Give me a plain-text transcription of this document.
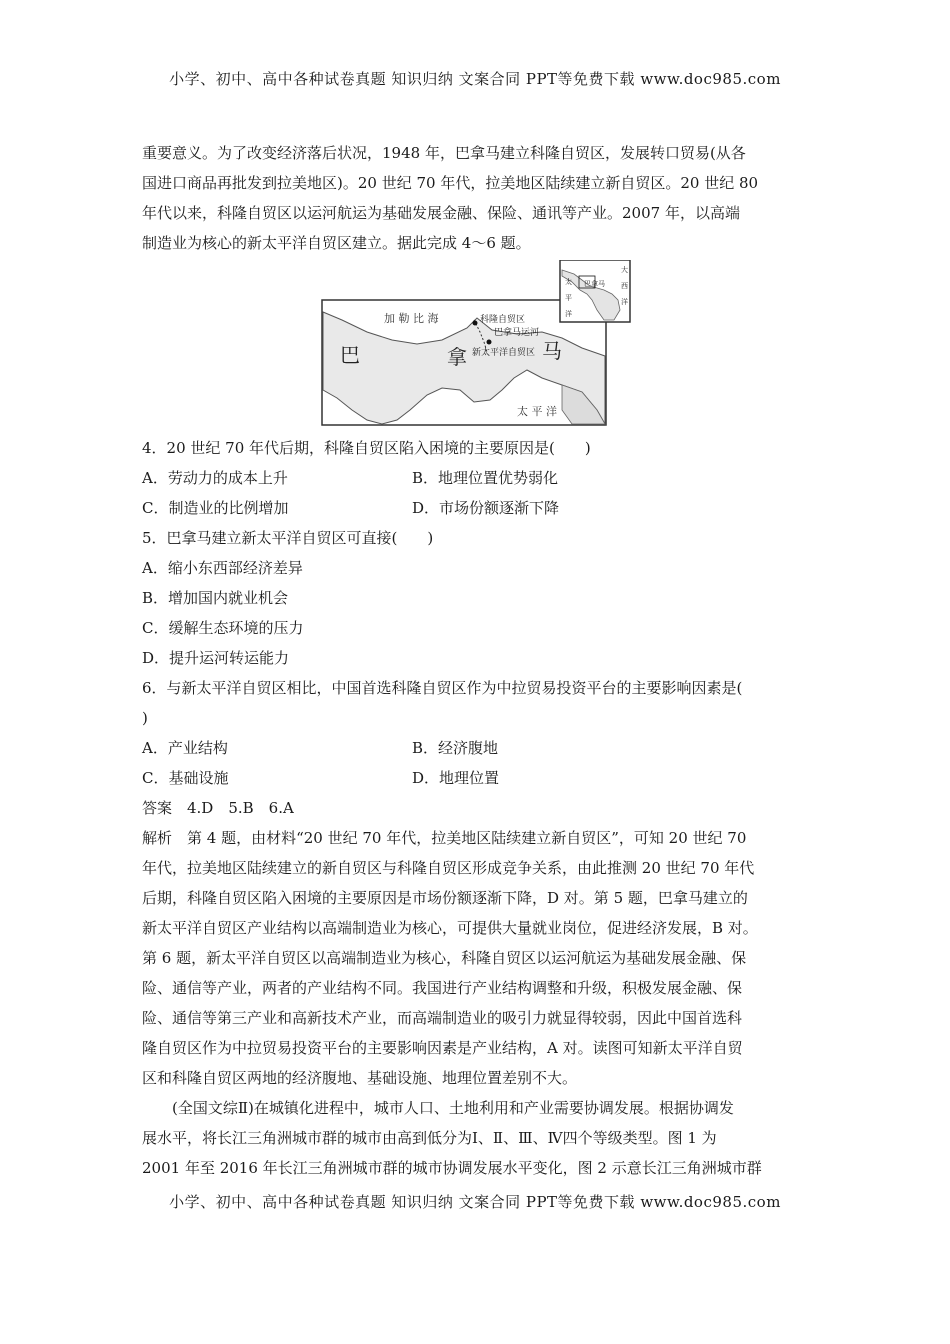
小学、初中、高中各种试卷真题 知识归纳 文案合同 PPT等免费下载 www.doc985.com

重要意义。为了改变经济落后状况，1948 年，巴拿马建立科隆自贸区，发展转口贸易(从各

国进口商品再批发到拉美地区)。20 世纪 70 年代，拉美地区陆续建立新自贸区。20 世纪 80

年代以来，科隆自贸区以运河航运为基础发展金融、保险、通讯等产业。2007 年，以高端

制造业为核心的新太平洋自贸区建立。据此完成 4～6 题。

加 勒 比 海	科隆自贸区
巴拿马运河
新太平洋自贸区
巴	拿	马
太 平 洋
太
平
洋
巴拿马
大
西
洋

4．20 世纪 70 年代后期，科隆自贸区陷入困境的主要原因是(　　)

A．劳动力的成本上升	B．地理位置优势弱化
C．制造业的比例增加	D．市场份额逐渐下降

5．巴拿马建立新太平洋自贸区可直接(　　)

A．缩小东西部经济差异

B．增加国内就业机会

C．缓解生态环境的压力

D．提升运河转运能力

6．与新太平洋自贸区相比，中国首选科隆自贸区作为中拉贸易投资平台的主要影响因素是(

)

A．产业结构	B．经济腹地
C．基础设施	D．地理位置

答案　4.D　5.B　6.A

解析　第 4 题，由材料“20 世纪 70 年代，拉美地区陆续建立新自贸区”，可知 20 世纪 70

年代，拉美地区陆续建立的新自贸区与科隆自贸区形成竞争关系，由此推测 20 世纪 70 年代

后期，科隆自贸区陷入困境的主要原因是市场份额逐渐下降，D 对。第 5 题，巴拿马建立的

新太平洋自贸区产业结构以高端制造业为核心，可提供大量就业岗位，促进经济发展，B 对。

第 6 题，新太平洋自贸区以高端制造业为核心，科隆自贸区以运河航运为基础发展金融、保

险、通信等产业，两者的产业结构不同。我国进行产业结构调整和升级，积极发展金融、保

险、通信等第三产业和高新技术产业，而高端制造业的吸引力就显得较弱，因此中国首选科

隆自贸区作为中拉贸易投资平台的主要影响因素是产业结构，A 对。读图可知新太平洋自贸

区和科隆自贸区两地的经济腹地、基础设施、地理位置差别不大。

(全国文综Ⅱ)在城镇化进程中，城市人口、土地利用和产业需要协调发展。根据协调发

展水平，将长江三角洲城市群的城市由高到低分为Ⅰ、Ⅱ、Ⅲ、Ⅳ四个等级类型。图 1 为

2001 年至 2016 年长江三角洲城市群的城市协调发展水平变化，图 2 示意长江三角洲城市群

小学、初中、高中各种试卷真题 知识归纳 文案合同 PPT等免费下载 www.doc985.com
